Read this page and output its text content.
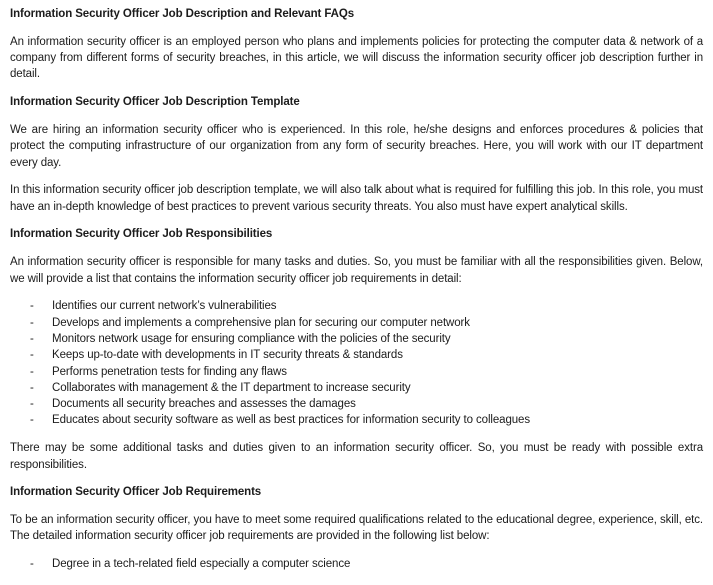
Information Security Officer Job Description and Relevant FAQs

An information security officer is an employed person who plans and implements policies for protecting the computer data & network of a company from different forms of security breaches, in this article, we will discuss the information security officer job description further in detail.

Information Security Officer Job Description Template

We are hiring an information security officer who is experienced. In this role, he/she designs and enforces procedures & policies that protect the computing infrastructure of our organization from any form of security breaches. Here, you will work with our IT department every day.

In this information security officer job description template, we will also talk about what is required for fulfilling this job. In this role, you must have an in-depth knowledge of best practices to prevent various security threats. You also must have expert analytical skills.

Information Security Officer Job Responsibilities

An information security officer is responsible for many tasks and duties. So, you must be familiar with all the responsibilities given. Below, we will provide a list that contains the information security officer job requirements in detail:

- Identifies our current network’s vulnerabilities
- Develops and implements a comprehensive plan for securing our computer network
- Monitors network usage for ensuring compliance with the policies of the security
- Keeps up-to-date with developments in IT security threats & standards
- Performs penetration tests for finding any flaws
- Collaborates with management & the IT department to increase security
- Documents all security breaches and assesses the damages
- Educates about security software as well as best practices for information security to colleagues

There may be some additional tasks and duties given to an information security officer. So, you must be ready with possible extra responsibilities.

Information Security Officer Job Requirements

To be an information security officer, you have to meet some required qualifications related to the educational degree, experience, skill, etc. The detailed information security officer job requirements are provided in the following list below:

- Degree in a tech-related field especially a computer science
